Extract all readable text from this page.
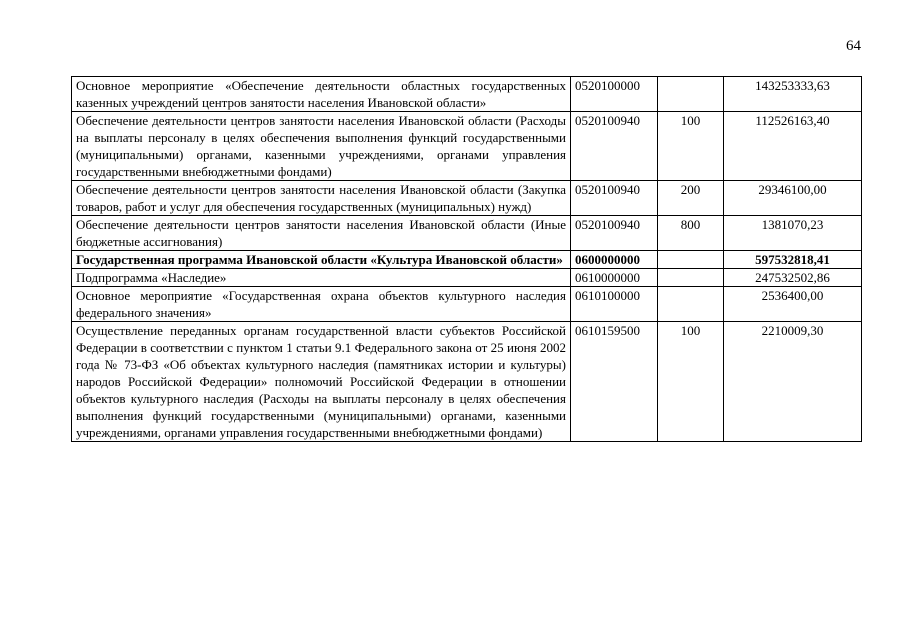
64
Основное мероприятие «Обеспечение деятельности областных государственных казенных учреждений центров занятости населения Ивановской области»	0520100000		143253333,63
Обеспечение деятельности центров занятости населения Ивановской области (Расходы на выплаты персоналу в целях обеспечения выполнения функций государственными (муниципальными) органами, казенными учреждениями, органами управления государственными внебюджетными фондами)	0520100940	100	112526163,40
Обеспечение деятельности центров занятости населения Ивановской области (Закупка товаров, работ и услуг для обеспечения государственных (муниципальных) нужд)	0520100940	200	29346100,00
Обеспечение деятельности центров занятости населения Ивановской области (Иные бюджетные ассигнования)	0520100940	800	1381070,23
Государственная программа Ивановской области «Культура Ивановской области»	0600000000		597532818,41
Подпрограмма «Наследие»	0610000000		247532502,86
Основное мероприятие «Государственная охрана объектов культурного наследия федерального значения»	0610100000		2536400,00
Осуществление переданных органам государственной власти субъектов Российской Федерации в соответствии с пунктом 1 статьи 9.1 Федерального закона от 25 июня 2002 года № 73-ФЗ «Об объектах культурного наследия (памятниках истории и культуры) народов Российской Федерации» полномочий Российской Федерации в отношении объектов культурного наследия (Расходы на выплаты персоналу в целях обеспечения выполнения функций государственными (муниципальными) органами, казенными учреждениями, органами управления государственными внебюджетными фондами)	0610159500	100	2210009,30
